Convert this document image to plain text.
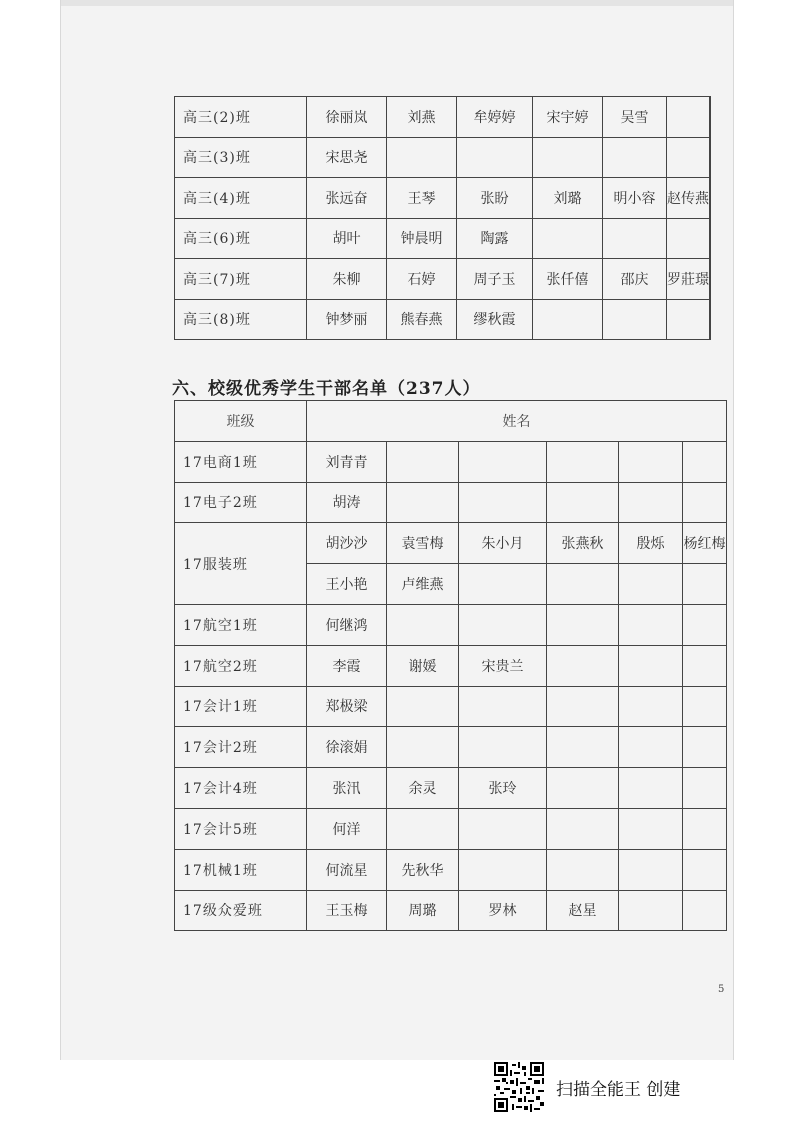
高三(2)班	徐丽岚	刘燕	牟婷婷	宋宇婷	吴雪		
高三(3)班	宋思尧						
高三(4)班	张远奋	王琴	张盼	刘璐	明小容	赵传燕	
高三(6)班	胡叶	钟晨明	陶露				
高三(7)班	朱柳	石婷	周子玉	张仟僖	邵庆	罗莊璟	
高三(8)班	钟梦丽	熊春燕	缪秋霞				
六、校级优秀学生干部名单（237人）
班级	姓名					
17电商1班	刘青青					
17电子2班	胡涛					
17服装班	胡沙沙	袁雪梅	朱小月	张燕秋	殷烁	杨红梅
	王小艳	卢维燕				
17航空1班	何继鸿					
17航空2班	李霞	谢媛	宋贵兰			
17会计1班	郑极梁					
17会计2班	徐滚娟					
17会计4班	张汛	余灵	张玲			
17会计5班	何洋					
17机械1班	何流星	先秋华				
17级众爱班	王玉梅	周璐	罗林	赵星		
5
扫描全能王 创建
